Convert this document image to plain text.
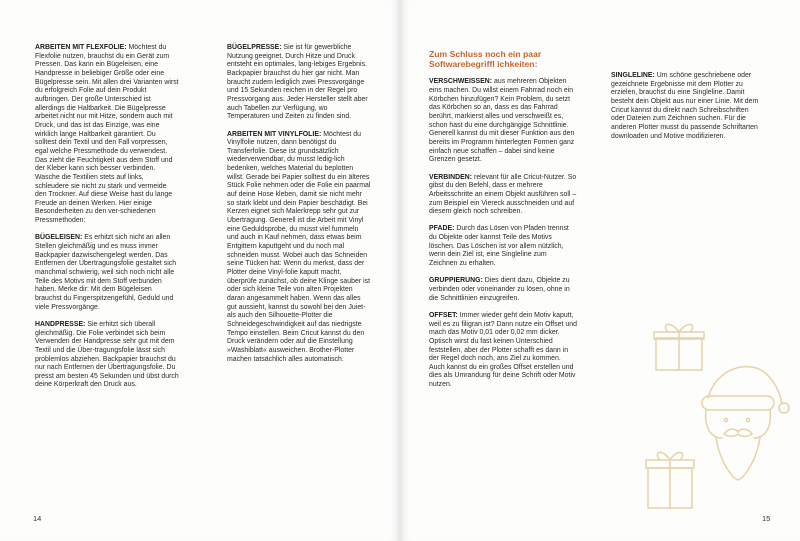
ARBEITEN MIT FLEXFOLIE: Möchtest du Flexfolie nutzen, brauchst du ein Gerät zum Pressen. Das kann ein Bügeleisen, eine Handpresse in beliebiger Größe oder eine Bügelpresse sein. Mit allen drei Varianten wirst du erfolgreich Folie auf dein Produkt aufbringen. Der große Unterschied ist allerdings die Haltbarkeit. Die Bügelpresse arbeitet nicht nur mit Hitze, sondern auch mit Druck, und das ist das Einzige, was eine wirklich lange Haltbarkeit garantiert. Du solltest dein Textil und den Fall vorpressen, egal welche Pressmethode du verwendest. Das zieht die Feuchtigkeit aus dem Stoff und der Kleber kann sich besser verbinden. Wasche die Textilien stets auf links, schleudere sie nicht zu stark und vermeide den Trockner. Auf diese Weise hast du lange Freude an deinen Werken. Hier einige Besonderheiten zu den ver-schiedenen Pressmethoden:

BÜGELEISEN: Es erhitzt sich nicht an allen Stellen gleichmäßig und es muss immer Backpapier dazwischengelegt werden. Das Entfernen der Übertragungsfolie gestaltet sich manchmal schwierig, weil sich noch nicht alle Teile des Motivs mit dem Stoff verbunden haben. Merke dir: Mit dem Bügeleisen brauchst du Fingerspitzengefühl, Geduld und viele Pressvorgänge.

HANDPRESSE: Sie erhitzt sich überall gleichmäßig. Die Folie verbindet sich beim Verwenden der Handpresse sehr gut mit dem Textil und die Über-tragungsfolie lässt sich problemlos abziehen. Backpapier brauchst du nur nach Entfernen der Übertragungsfolie. Du presst am besten 45 Sekunden und übst durch deine Körperkraft den Druck aus.

BÜGELPRESSE: Sie ist für gewerbliche Nutzung geeignet. Durch Hitze und Druck entsteht ein optimales, lang-lebiges Ergebnis. Backpapier brauchst du hier gar nicht. Man braucht zudem lediglich zwei Pressvorgänge und 15 Sekunden reichen in der Regel pro Pressvorgang aus. Jeder Hersteller stellt aber auch Tabellen zur Verfügung, wo Temperaturen und Zeiten zu finden sind.

ARBEITEN MIT VINYLFOLIE: Möchtest du Vinylfolie nutzen, dann benötigst du Transferfolie. Diese ist grundsätzlich wiederverwendbar, du musst ledig-lich bedenken, welches Material du beplotten willst. Gerade bei Papier solltest du ein älteres Stück Folie nehmen oder die Folie ein paarmal auf deine Hose kleben, damit sie nicht mehr so stark klebt und dein Papier beschädigt. Bei Kerzen eignet sich Malerkrepp sehr gut zur Übertragung. Generell ist die Arbeit mit Vinyl eine Geduldsprobe, du musst viel fummeln und auch in Kauf nehmen, dass etwas beim Entgittern kaputtgeht und du noch mal schneiden musst. Wobei auch das Schneiden seine Tücken hat: Wenn du merkst, dass der Plotter deine Vinyl-folie kaputt macht, überprüfe zunächst, ob deine Klinge sauber ist oder sich kleine Teile von alten Projekten daran angesammelt haben. Wenn das alles gut aussieht, kannst du sowohl bei den Juiet- als auch den Silhouette-Plotter die Schneidegeschwindigkeit auf das niedrigste Tempo einstellen. Beim Cricut kannst du den Druck verändern oder auf die Einstellung »Washiblatt« ausweichen. Brother-Plotter machen tatsächlich alles automatisch.

14

Zum Schluss noch ein paar Softwarebegriffl ichkeiten:

VERSCHWEISSEN: aus mehreren Objekten eins machen. Du willst einem Fahrrad noch ein Körbchen hinzufügen? Kein Problem, du setzt das Körbchen so an, dass es das Fahrrad berührt, markierst alles und verschweißt es, schon hast du eine durchgängige Schnittlinie. Generell kannst du mit dieser Funktion aus den bereits im Programm hinterlegten Formen ganz einfach neue schaffen – dabei sind keine Grenzen gesetzt.

VERBINDEN: relevant für alle Cricut-Nutzer. So gibst du den Befehl, dass er mehrere Arbeitsschritte an einem Objekt ausführen soll – zum Beispiel ein Viereck ausschneiden und auf diesem gleich noch schreiben.

PFADE: Durch das Lösen von Pfaden trennst du Objekte oder kannst Teile des Motivs löschen. Das Löschen ist vor allem nützlich, wenn dein Ziel ist, eine Singleline zum Zeichnen zu erhalten.

GRUPPIERUNG: Dies dient dazu, Objekte zu verbinden oder voneinander zu lösen, ohne in die Schnittlinien einzugreifen.

OFFSET: Immer wieder geht dein Motiv kaputt, weil es zu filigran ist? Dann nutze ein Offset und mach das Motiv 0,01 oder 0,02 mm dicker. Optisch wirst du fast keinen Unterschied feststellen, aber der Plotter schafft es dann in der Regel doch noch, ans Ziel zu kommen. Auch kannst du ein großes Offset erstellen und dies als Umrandung für deine Schrift oder Motiv nutzen.

SINGLELINE: Um schöne geschriebene oder gezeichnete Ergebnisse mit dem Plotter zu erzielen, brauchst du eine Singleline. Damit besteht dein Objekt aus nur einer Linie. Mit dem Cricut kannst du direkt nach Schreibschriften oder Dateien zum Zeichnen suchen. Für die anderen Plotter musst du passende Schriftarten downloaden und Motive modifizieren.

15
